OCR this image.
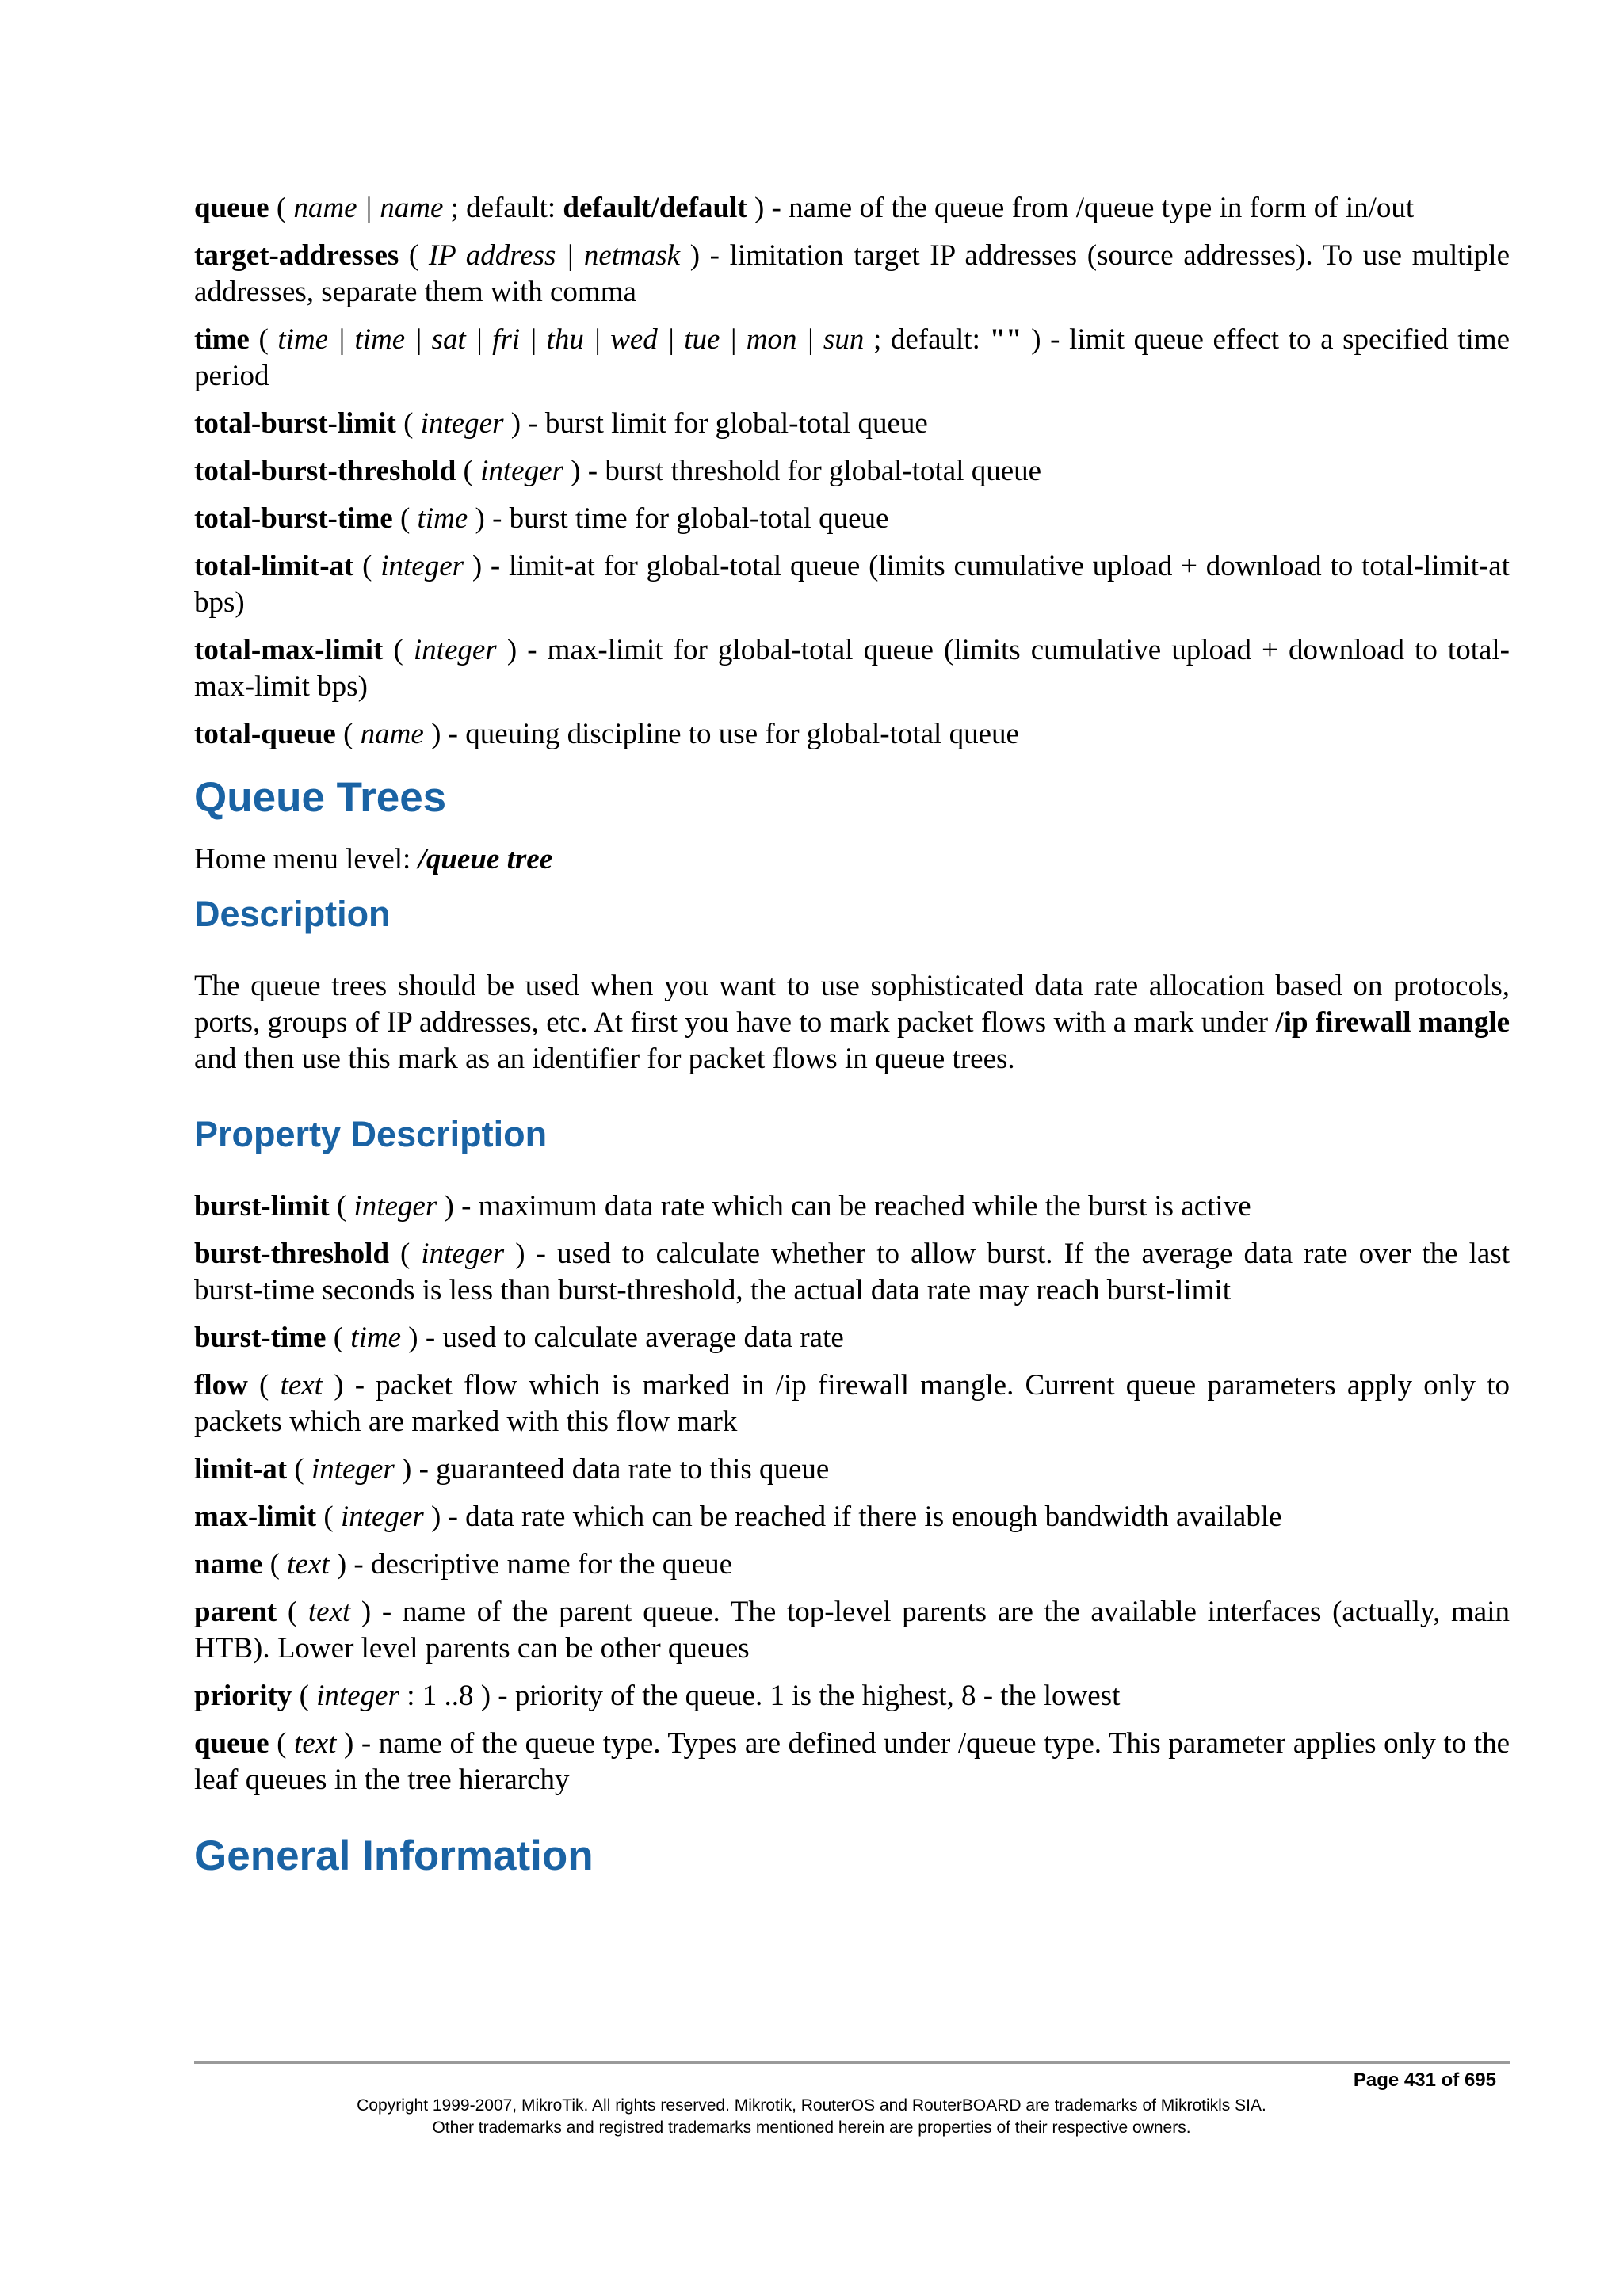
queue ( name | name ; default: default/default ) - name of the queue from /queue type in form of in/out

target-addresses ( IP address | netmask ) - limitation target IP addresses (source addresses). To use multiple addresses, separate them with comma

time ( time | time | sat | fri | thu | wed | tue | mon | sun ; default: "" ) - limit queue effect to a specified time period

total-burst-limit ( integer ) - burst limit for global-total queue

total-burst-threshold ( integer ) - burst threshold for global-total queue

total-burst-time ( time ) - burst time for global-total queue

total-limit-at ( integer ) - limit-at for global-total queue (limits cumulative upload + download to total-limit-at bps)

total-max-limit ( integer ) - max-limit for global-total queue (limits cumulative upload + download to total-max-limit bps)

total-queue ( name ) - queuing discipline to use for global-total queue

Queue Trees

Home menu level: /queue tree

Description

The queue trees should be used when you want to use sophisticated data rate allocation based on protocols, ports, groups of IP addresses, etc. At first you have to mark packet flows with a mark under /ip firewall mangle and then use this mark as an identifier for packet flows in queue trees.

Property Description

burst-limit ( integer ) - maximum data rate which can be reached while the burst is active

burst-threshold ( integer ) - used to calculate whether to allow burst. If the average data rate over the last burst-time seconds is less than burst-threshold, the actual data rate may reach burst-limit

burst-time ( time ) - used to calculate average data rate

flow ( text ) - packet flow which is marked in /ip firewall mangle. Current queue parameters apply only to packets which are marked with this flow mark

limit-at ( integer ) - guaranteed data rate to this queue

max-limit ( integer ) - data rate which can be reached if there is enough bandwidth available

name ( text ) - descriptive name for the queue

parent ( text ) - name of the parent queue. The top-level parents are the available interfaces (actually, main HTB). Lower level parents can be other queues

priority ( integer : 1 ..8 ) - priority of the queue. 1 is the highest, 8 - the lowest

queue ( text ) - name of the queue type. Types are defined under /queue type. This parameter applies only to the leaf queues in the tree hierarchy

General Information
Page 431 of 695
Copyright 1999-2007, MikroTik. All rights reserved. Mikrotik, RouterOS and RouterBOARD are trademarks of Mikrotikls SIA.
Other trademarks and registred trademarks mentioned herein are properties of their respective owners.
